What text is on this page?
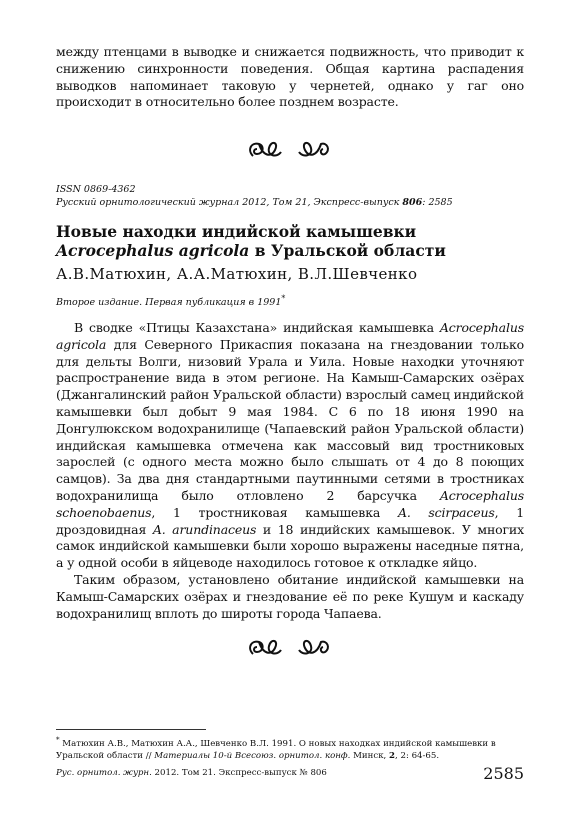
между птенцами в выводке и снижается подвижность, что приводит к снижению синхронности поведения. Общая картина распадения выводков напоминает таковую у чернетей, однако у гаг оно происходит в относительно более позднем возрасте.

ISSN 0869-4362

Русский орнитологический журнал 2012, Том 21, Экспресс-выпуск 806: 2585

Новые находки индийской камышевки

Acrocephalus agricola в Уральской области

А.В.Матюхин, А.А.Матюхин, В.Л.Шевченко

Второе издание. Первая публикация в 1991*

В сводке «Птицы Казахстана» индийская камышевка Acrocephalus agricola для Северного Прикаспия показана на гнездовании только для дельты Волги, низовий Урала и Уила. Новые находки уточняют распространение вида в этом регионе. На Камыш-Самарских озёрах (Джангалинский район Уральской области) взрослый самец индийской камышевки был добыт 9 мая 1984. С 6 по 18 июня 1990 на Донгулюкском водохранилище (Чапаевский район Уральской области) индийская камышевка отмечена как массовый вид тростниковых зарослей (с одного места можно было слышать от 4 до 8 поющих самцов). За два дня стандартными паутинными сетями в тростниках водохранилища было отловлено 2 барсучка Acrocephalus schoenobaenus, 1 тростниковая камышевка A. scirpaceus, 1 дроздовидная A. arundinaceus и 18 индийских камышевок. У многих самок индийской камышевки были хорошо выражены наседные пятна, а у одной особи в яйцеводе находилось готовое к откладке яйцо.

Таким образом, установлено обитание индийской камышевки на Камыш-Самарских озёрах и гнездование её по реке Кушум и каскаду водохранилищ вплоть до широты города Чапаева.

* Матюхин А.В., Матюхин А.А., Шевченко В.Л. 1991. О новых находках индийской камышевки в Уральской области // Материалы 10-й Всесоюз. орнитол. конф. Минск, 2, 2: 64-65.
Рус. орнитол. журн. 2012. Том 21. Экспресс-выпуск № 806	2585
